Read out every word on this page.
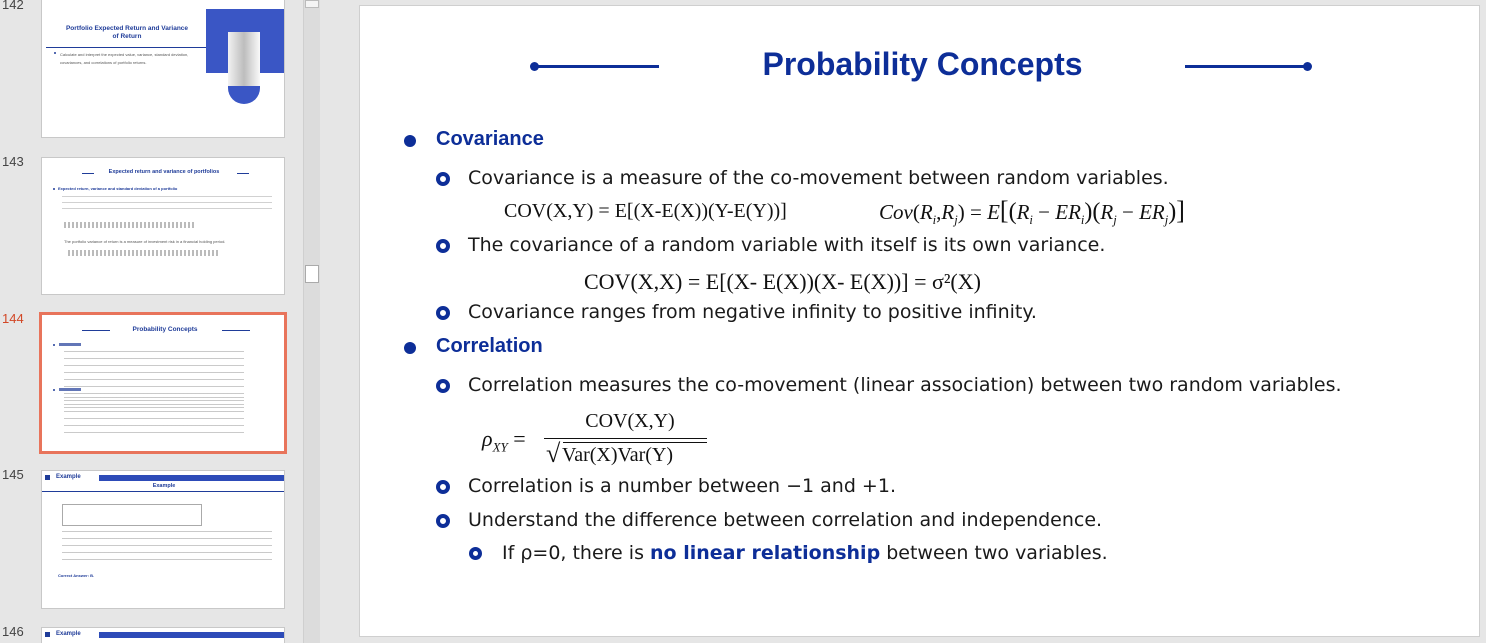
142
Portfolio Expected Return and Variance of Return
Calculate and interpret the expected value, variance, standard deviation, covariances, and correlations of portfolio returns.
143
Expected return and variance of portfolios
Expected return, variance and standard deviation of a portfolio
The portfolio variance of return is a measure of investment risk in a financial holding period.
144
Probability Concepts
145	Example
Example
Correct Answer: B.
146	Example
Probability Concepts
Covariance
Covariance is a measure of the co-movement between random variables.
COV(X,Y) = E[(X-E(X))(Y-E(Y))]	$Cov(R_i,R_j) = E[(R_i - ER_i)(R_j - ER_j)]$
The covariance of a random variable with itself is its own variance.
COV(X,X) = E[(X- E(X))(X- E(X))] = σ²(X)
Covariance ranges from negative infinity to positive infinity.
Correlation
Correlation measures the co-movement (linear association) between two random variables.
$\rho_{XY}$ =
COV(X,Y)
√ Var(X)Var(Y)
Correlation is a number between −1 and +1.
Understand the difference between correlation and independence.
If ρ=0, there is no linear relationship between two variables.
